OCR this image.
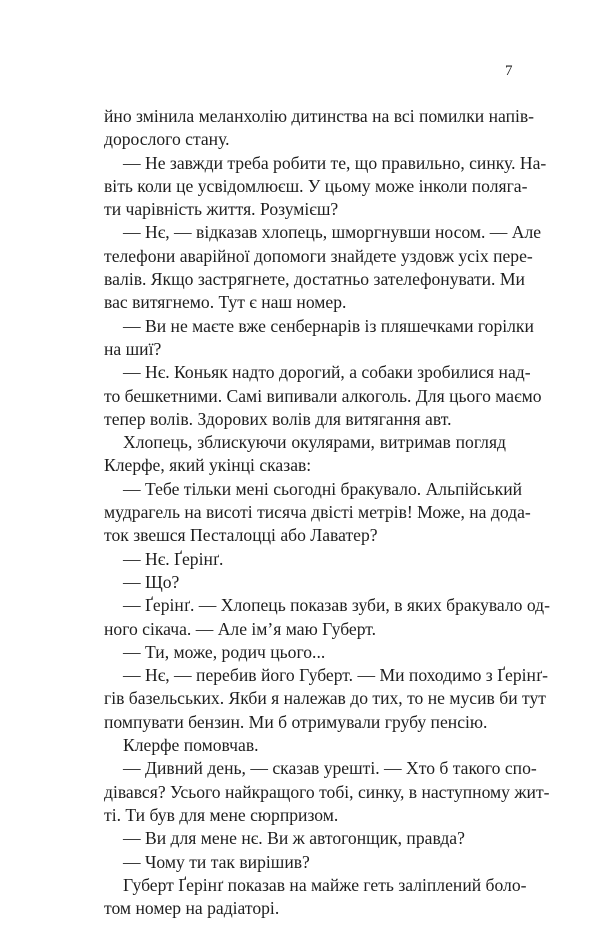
7
йно змінила меланхолію дитинства на всі помилки напів-
дорослого стану.
— Не завжди треба робити те, що правильно, синку. На-
віть коли це усвідомлюєш. У цьому може інколи полягa-
ти чарівність життя. Розумієш?
— Нє, — відказав хлопець, шморгнувши носом. — Але
телефони аварійної допомоги знайдете уздовж усіх пере-
валів. Якщо застрягнете, достатньо зателефонувати. Ми
вас витягнемо. Тут є наш номер.
— Ви не маєте вже сенбернарів із пляшечками горілки
на шиї?
— Нє. Коньяк надто дорогий, а собаки зробилися над-
то бешкетними. Самі випивали алкоголь. Для цього маємо
тепер волів. Здорових волів для витягання авт.
Хлопець, зблискуючи окулярами, витримав погляд
Клерфе, який укінці сказав:
— Тебе тільки мені сьогодні бракувало. Альпійський
мудрагель на висоті тисяча двісті метрів! Може, на додa-
ток звешся Песталоцці або Лаватер?
— Нє. Ґерінґ.
— Що?
— Ґерінґ. — Хлопець показав зуби, в яких бракувало од-
ного сікача. — Але ім’я маю Губерт.
— Ти, може, родич цього...
— Нє, — перебив його Губерт. — Ми походимо з Ґерінґ-
гів базельських. Якби я належав до тих, то не мусив би тут
помпувати бензин. Ми б отримували грубу пенсію.
Клерфе помовчав.
— Дивний день, — сказав урешті. — Хто б такого спо-
дівався? Усього найкращого тобі, синку, в наступному жит-
ті. Ти був для мене сюрпризом.
— Ви для мене нє. Ви ж автогонщик, правда?
— Чому ти так вирішив?
Губерт Ґерінґ показав на майже геть заліплений боло-
том номер на радіаторі.
